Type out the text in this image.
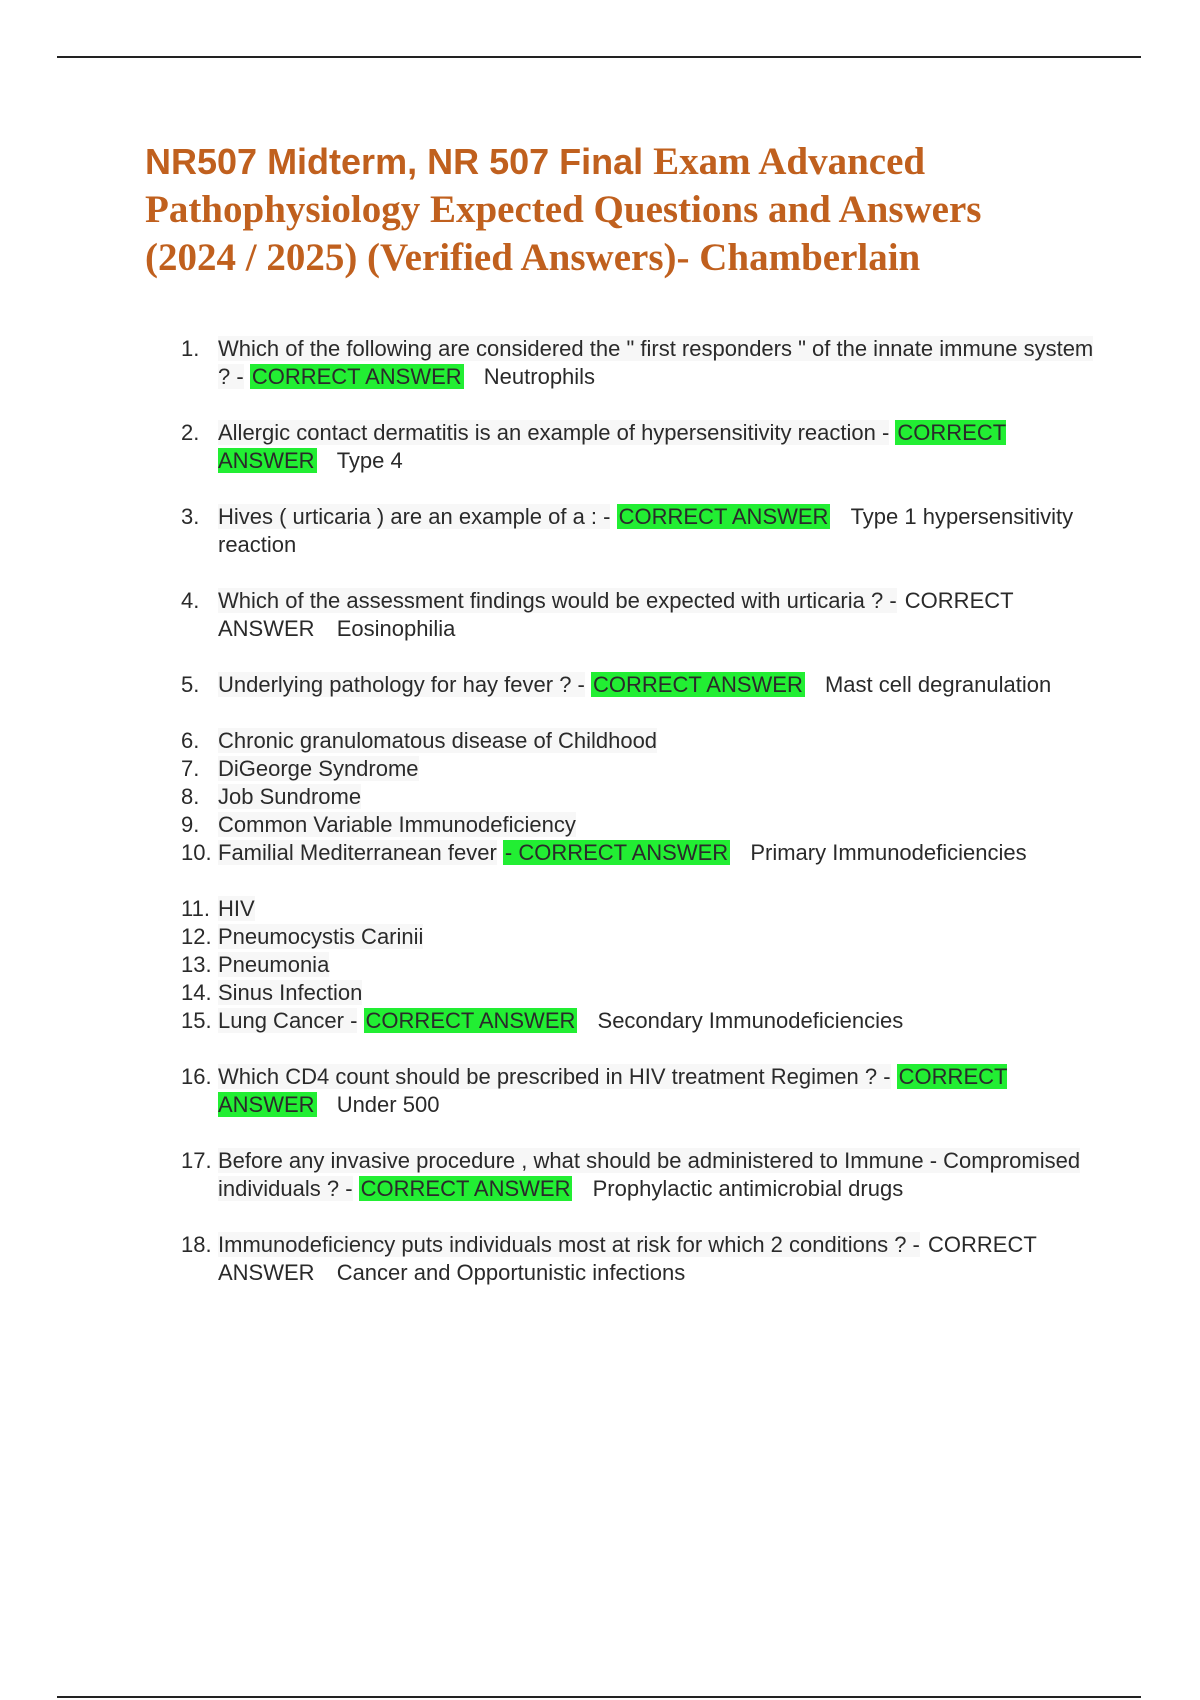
NR507 Midterm, NR 507 Final Exam Advanced Pathophysiology Expected Questions and Answers (2024 / 2025) (Verified Answers)- Chamberlain
1. Which of the following are considered the " first responders " of the innate immune system ? - CORRECT ANSWER Neutrophils
2. Allergic contact dermatitis is an example of hypersensitivity reaction - CORRECT ANSWER Type 4
3. Hives ( urticaria ) are an example of a : - CORRECT ANSWER Type 1 hypersensitivity reaction
4. Which of the assessment findings would be expected with urticaria ? - CORRECT ANSWER Eosinophilia
5. Underlying pathology for hay fever ? - CORRECT ANSWER Mast cell degranulation
6. Chronic granulomatous disease of Childhood
7. DiGeorge Syndrome
8. Job Sundrome
9. Common Variable Immunodeficiency
10. Familial Mediterranean fever - CORRECT ANSWER Primary Immunodeficiencies
11. HIV
12. Pneumocystis Carinii
13. Pneumonia
14. Sinus Infection
15. Lung Cancer - CORRECT ANSWER Secondary Immunodeficiencies
16. Which CD4 count should be prescribed in HIV treatment Regimen ? - CORRECT ANSWER Under 500
17. Before any invasive procedure , what should be administered to Immune - Compromised individuals ? - CORRECT ANSWER Prophylactic antimicrobial drugs
18. Immunodeficiency puts individuals most at risk for which 2 conditions ? - CORRECT ANSWER Cancer and Opportunistic infections
